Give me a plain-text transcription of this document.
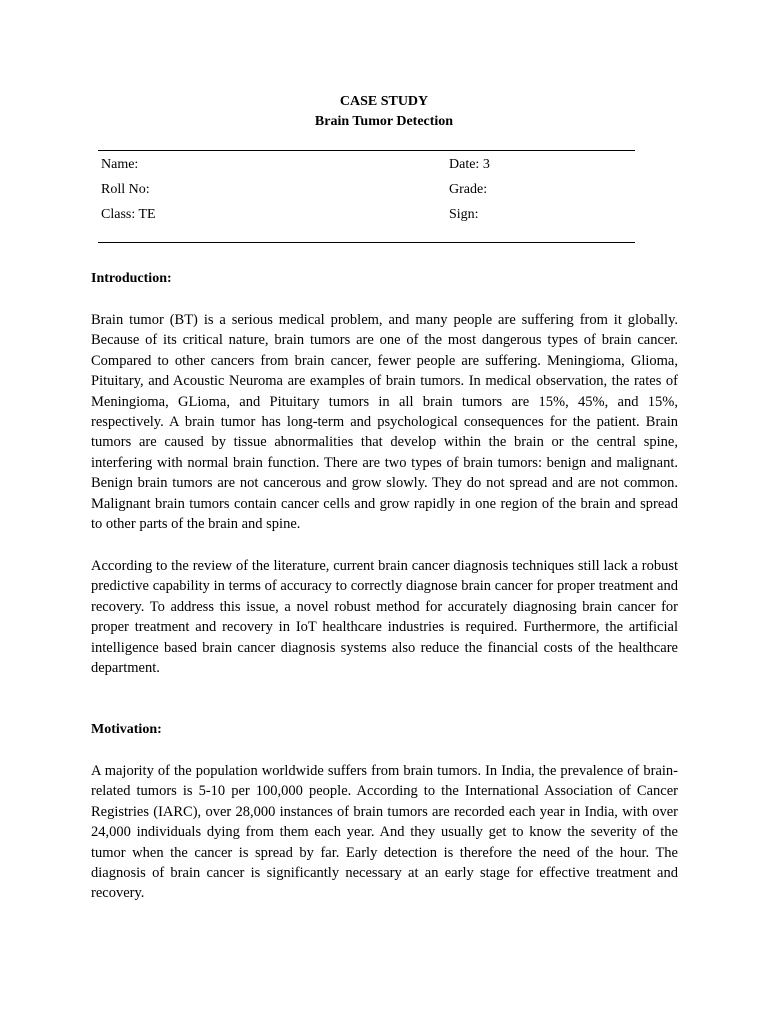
CASE STUDY
Brain Tumor Detection
Name:	Date: 3
Roll No:	Grade:
Class: TE	Sign:
Introduction:

Brain tumor (BT) is a serious medical problem, and many people are suffering from it globally. Because of its critical nature, brain tumors are one of the most dangerous types of brain cancer. Compared to other cancers from brain cancer, fewer people are suffering. Meningioma, Glioma, Pituitary, and Acoustic Neuroma are examples of brain tumors. In medical observation, the rates of Meningioma, GLioma, and Pituitary tumors in all brain tumors are 15%, 45%, and 15%, respectively. A brain tumor has long-term and psychological consequences for the patient. Brain tumors are caused by tissue abnormalities that develop within the brain or the central spine, interfering with normal brain function. There are two types of brain tumors: benign and malignant. Benign brain tumors are not cancerous and grow slowly. They do not spread and are not common. Malignant brain tumors contain cancer cells and grow rapidly in one region of the brain and spread to other parts of the brain and spine.

According to the review of the literature, current brain cancer diagnosis techniques still lack a robust predictive capability in terms of accuracy to correctly diagnose brain cancer for proper treatment and recovery. To address this issue, a novel robust method for accurately diagnosing brain cancer for proper treatment and recovery in IoT healthcare industries is required. Furthermore, the artificial intelligence based brain cancer diagnosis systems also reduce the financial costs of the healthcare department.

Motivation:

A majority of the population worldwide suffers from brain tumors. In India, the prevalence of brain-related tumors is 5-10 per 100,000 people. According to the International Association of Cancer Registries (IARC), over 28,000 instances of brain tumors are recorded each year in India, with over 24,000 individuals dying from them each year. And they usually get to know the severity of the tumor when the cancer is spread by far. Early detection is therefore the need of the hour. The diagnosis of brain cancer is significantly necessary at an early stage for effective treatment and recovery.
